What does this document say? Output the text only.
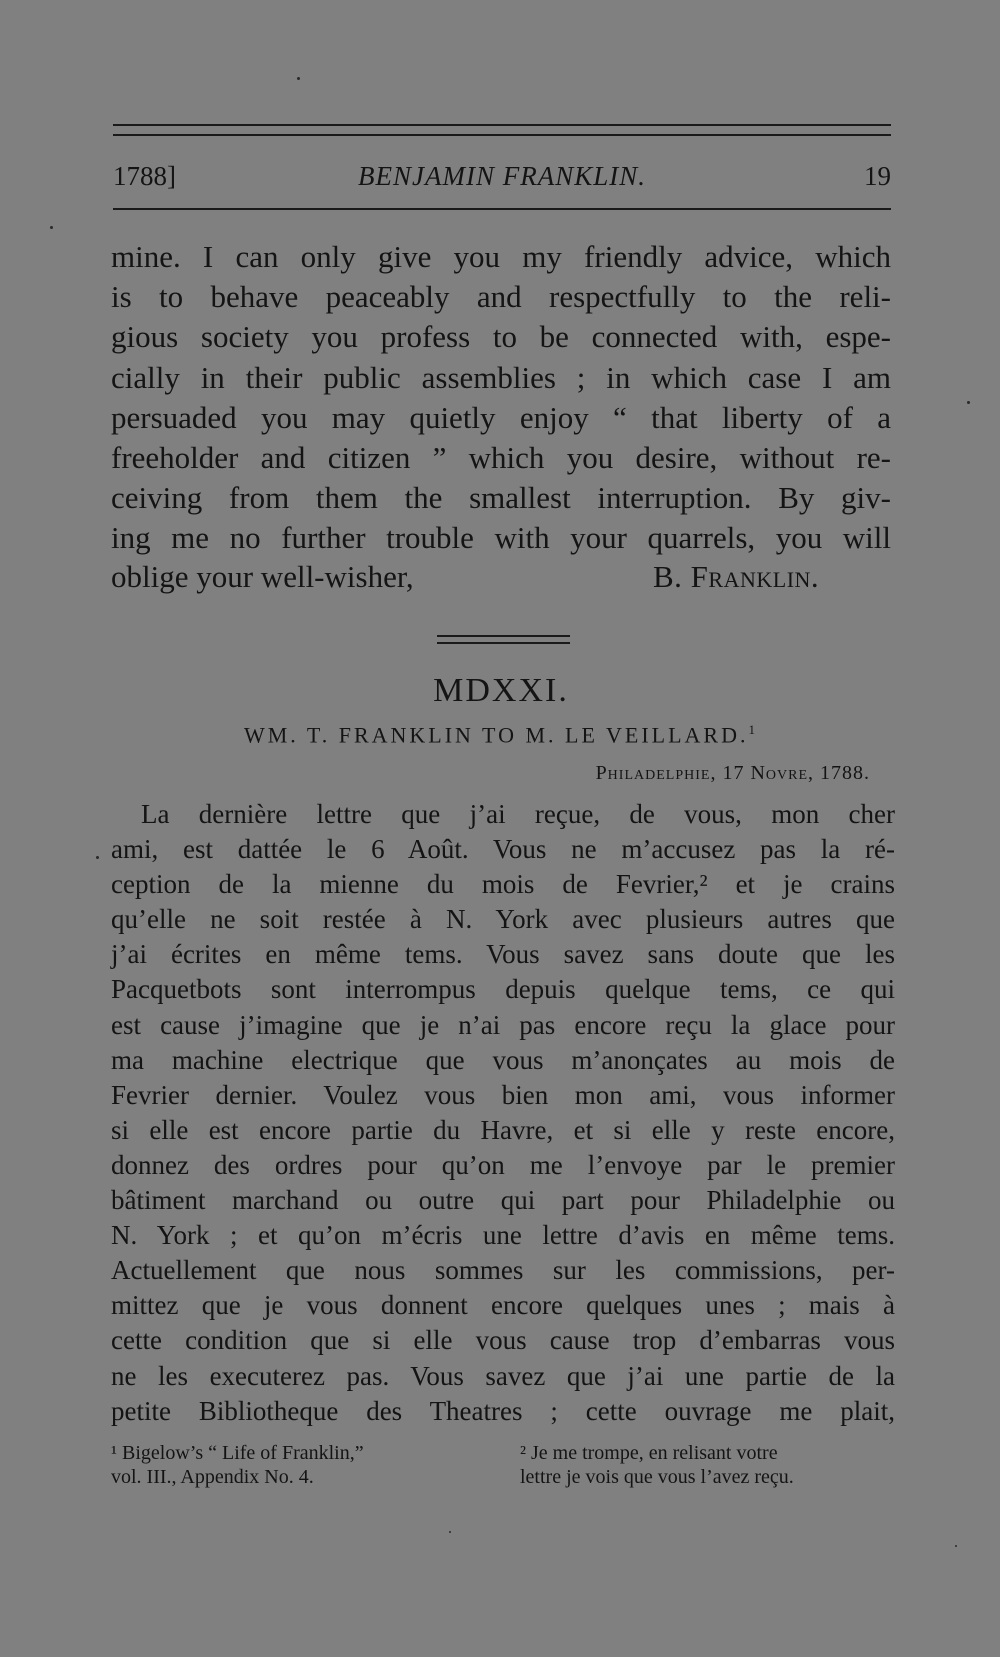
1788]	BENJAMIN FRANKLIN.	19
mine. I can only give you my friendly advice, which
is to behave peaceably and respectfully to the reli-
gious society you profess to be connected with, espe-
cially in their public assemblies ; in which case I am
persuaded you may quietly enjoy “ that liberty of a
freeholder and citizen ” which you desire, without re-
ceiving from them the smallest interruption. By giv-
ing me no further trouble with your quarrels, you will
oblige your well-wisher,	B. Franklin.
MDXXI.
WM. T. FRANKLIN TO M. LE VEILLARD.$^1$
Philadelphie, 17 Novre, 1788.
La dernière lettre que j’ai reçue, de vous, mon cher
ami, est dattée le 6 Août. Vous ne m’accusez pas la ré-
ception de la mienne du mois de Fevrier,² et je crains
qu’elle ne soit restée à N. York avec plusieurs autres que
j’ai écrites en même tems. Vous savez sans doute que les
Pacquetbots sont interrompus depuis quelque tems, ce qui
est cause j’imagine que je n’ai pas encore reçu la glace pour
ma machine electrique que vous m’anonçates au mois de
Fevrier dernier. Voulez vous bien mon ami, vous informer
si elle est encore partie du Havre, et si elle y reste encore,
donnez des ordres pour qu’on me l’envoye par le premier
bâtiment marchand ou outre qui part pour Philadelphie ou
N. York ; et qu’on m’écris une lettre d’avis en même tems.
Actuellement que nous sommes sur les commissions, per-
mittez que je vous donnent encore quelques unes ; mais à
cette condition que si elle vous cause trop d’embarras vous
ne les executerez pas. Vous savez que j’ai une partie de la
petite Bibliotheque des Theatres ; cette ouvrage me plait,
¹ Bigelow’s “ Life of Franklin,”
vol. III., Appendix No. 4.
² Je me trompe, en relisant votre
lettre je vois que vous l’avez reçu.
